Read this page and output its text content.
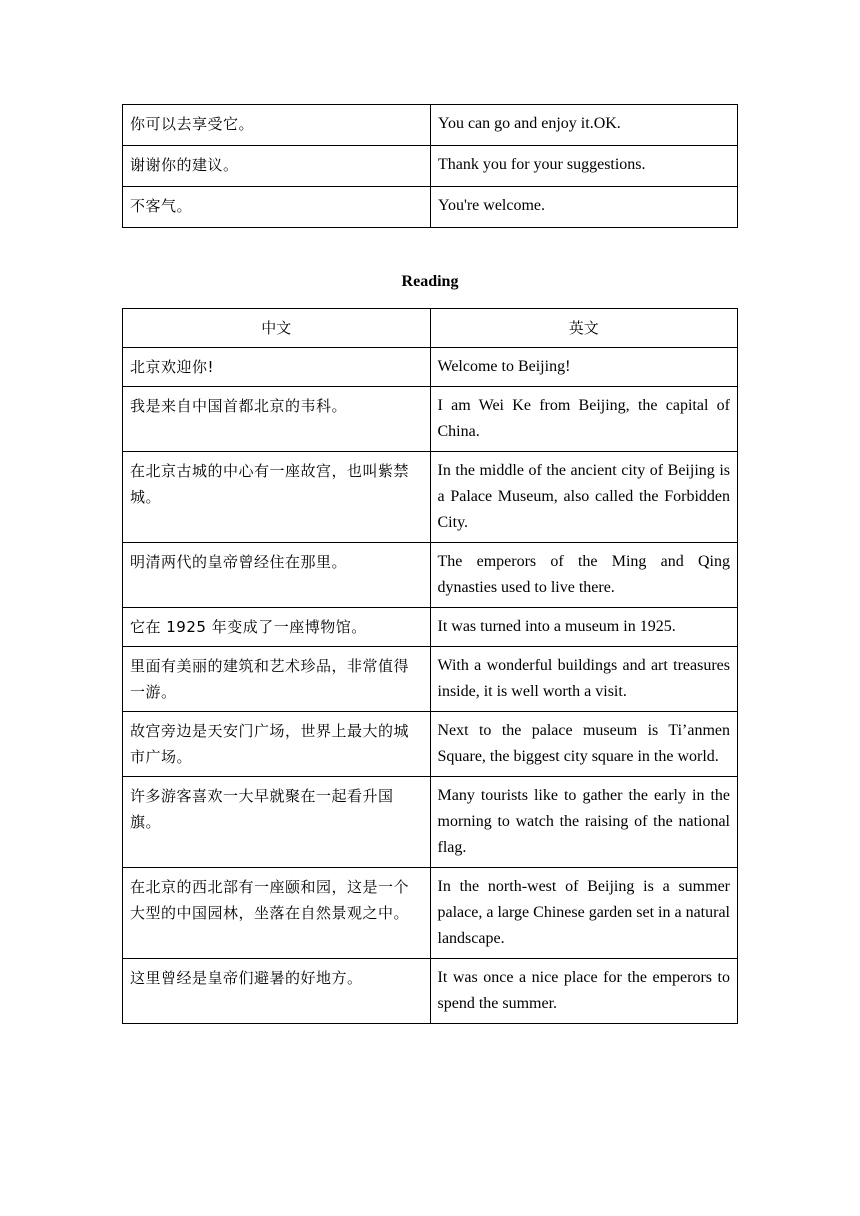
你可以去享受它。	You can go and enjoy it.OK.
谢谢你的建议。	Thank you for your suggestions.
不客气。	You're welcome.
Reading
中文	英文
北京欢迎你!	Welcome to Beijing!
我是来自中国首都北京的韦科。	I am Wei Ke from Beijing, the capital of China.
在北京古城的中心有一座故宫，也叫紫禁城。	In the middle of the ancient city of Beijing is a Palace Museum, also called the Forbidden City.
明清两代的皇帝曾经住在那里。	The emperors of the Ming and Qing dynasties used to live there.
它在 1925 年变成了一座博物馆。	It was turned into a museum in 1925.
里面有美丽的建筑和艺术珍品，非常值得一游。	With a wonderful buildings and art treasures inside, it is well worth a visit.
故宫旁边是天安门广场，世界上最大的城市广场。	Next to the palace museum is Ti’anmen Square, the biggest city square in the world.
许多游客喜欢一大早就聚在一起看升国旗。	Many tourists like to gather the early in the morning to watch the raising of the national flag.
在北京的西北部有一座颐和园，这是一个大型的中国园林，坐落在自然景观之中。	In the north-west of Beijing is a summer palace, a large Chinese garden set in a natural landscape.
这里曾经是皇帝们避暑的好地方。	It was once a nice place for the emperors to spend the summer.
